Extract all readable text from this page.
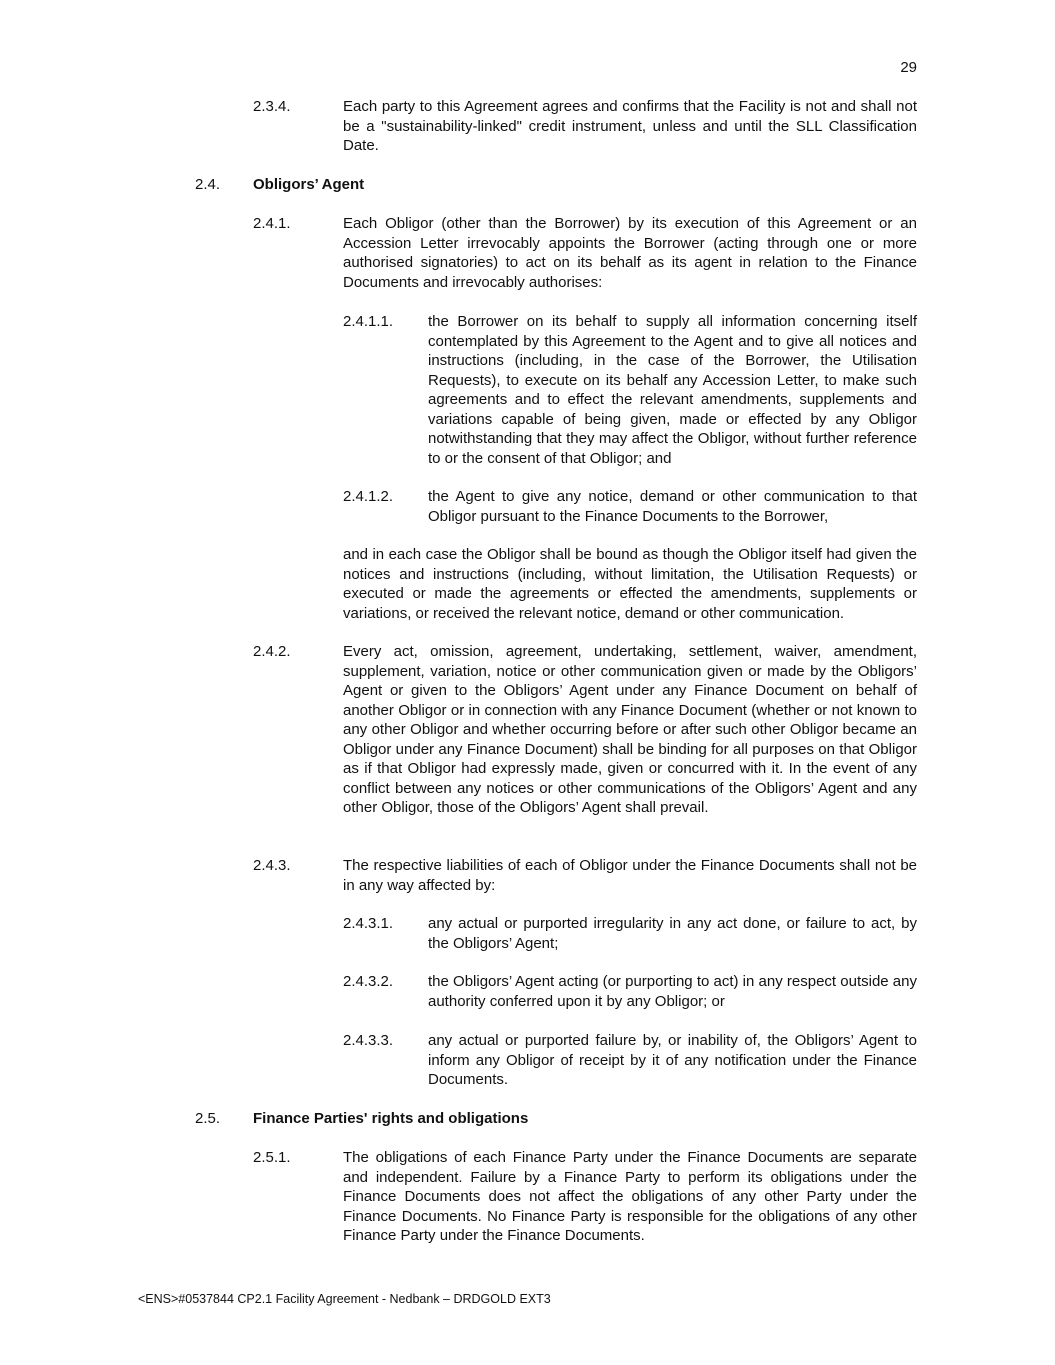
29
2.3.4.	Each party to this Agreement agrees and confirms that the Facility is not and shall not be a "sustainability-linked" credit instrument, unless and until the SLL Classification Date.
2.4. Obligors’ Agent
2.4.1.	Each Obligor (other than the Borrower) by its execution of this Agreement or an Accession Letter irrevocably appoints the Borrower (acting through one or more authorised signatories) to act on its behalf as its agent in relation to the Finance Documents and irrevocably authorises:
2.4.1.1. the Borrower on its behalf to supply all information concerning itself contemplated by this Agreement to the Agent and to give all notices and instructions (including, in the case of the Borrower, the Utilisation Requests), to execute on its behalf any Accession Letter, to make such agreements and to effect the relevant amendments, supplements and variations capable of being given, made or effected by any Obligor notwithstanding that they may affect the Obligor, without further reference to or the consent of that Obligor; and
2.4.1.2. the Agent to give any notice, demand or other communication to that Obligor pursuant to the Finance Documents to the Borrower,
and in each case the Obligor shall be bound as though the Obligor itself had given the notices and instructions (including, without limitation, the Utilisation Requests) or executed or made the agreements or effected the amendments, supplements or variations, or received the relevant notice, demand or other communication.
2.4.2.	Every act, omission, agreement, undertaking, settlement, waiver, amendment, supplement, variation, notice or other communication given or made by the Obligors’ Agent or given to the Obligors’ Agent under any Finance Document on behalf of another Obligor or in connection with any Finance Document (whether or not known to any other Obligor and whether occurring before or after such other Obligor became an Obligor under any Finance Document) shall be binding for all purposes on that Obligor as if that Obligor had expressly made, given or concurred with it. In the event of any conflict between any notices or other communications of the Obligors’ Agent and any other Obligor, those of the Obligors’ Agent shall prevail.
2.4.3.	The respective liabilities of each of Obligor under the Finance Documents shall not be in any way affected by:
2.4.3.1. any actual or purported irregularity in any act done, or failure to act, by the Obligors’ Agent;
2.4.3.2. the Obligors’ Agent acting (or purporting to act) in any respect outside any authority conferred upon it by any Obligor; or
2.4.3.3. any actual or purported failure by, or inability of, the Obligors’ Agent to inform any Obligor of receipt by it of any notification under the Finance Documents.
2.5. Finance Parties' rights and obligations
2.5.1.	The obligations of each Finance Party under the Finance Documents are separate and independent. Failure by a Finance Party to perform its obligations under the Finance Documents does not affect the obligations of any other Party under the Finance Documents. No Finance Party is responsible for the obligations of any other Finance Party under the Finance Documents.
<ENS>#0537844 CP2.1 Facility Agreement - Nedbank – DRDGOLD EXT3
